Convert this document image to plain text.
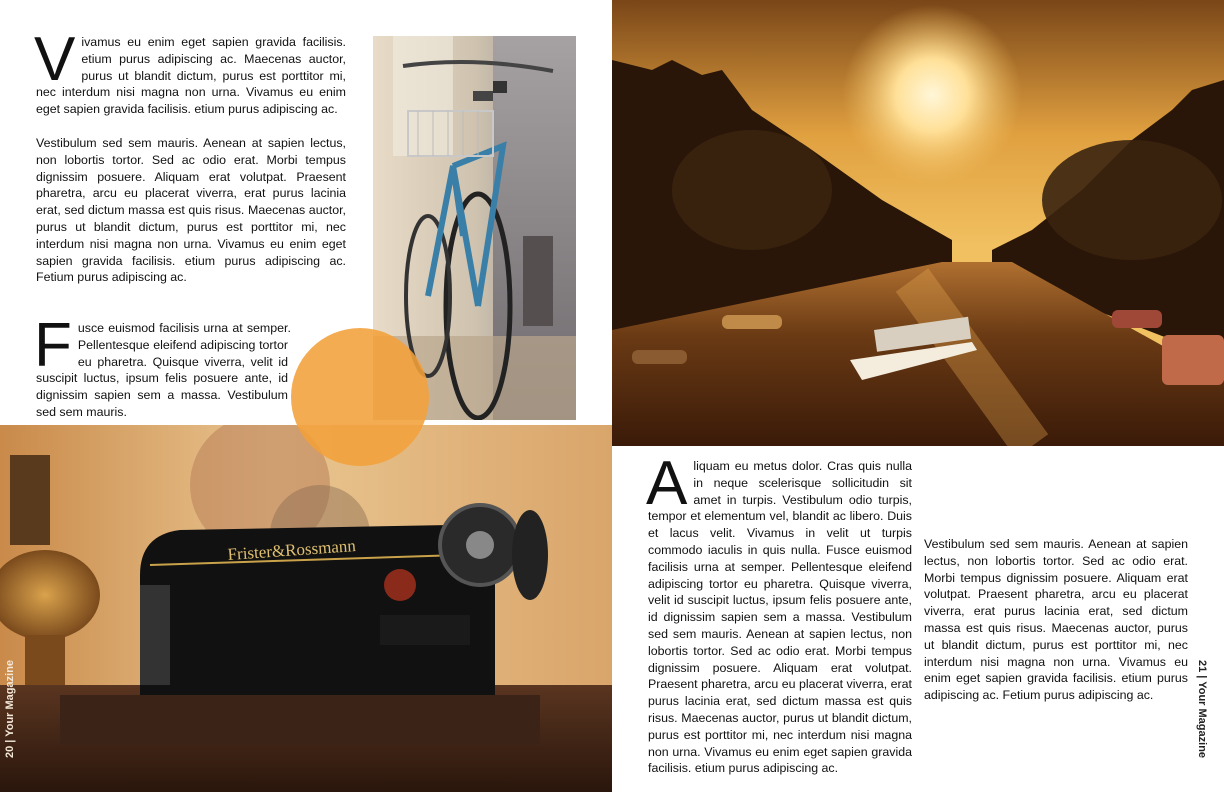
Vivamus eu enim eget sapien gravida facilisis. etium purus adipiscing ac. Maecenas auctor, purus ut blandit dictum, purus est porttitor mi, nec interdum nisi magna non urna. Vivamus eu enim eget sapien gravida facilisis. etium purus adipiscing ac.

Vestibulum sed sem mauris. Aenean at sapien lectus, non lobortis tortor. Sed ac odio erat. Morbi tempus dignissim posuere. Aliquam erat volutpat. Praesent pharetra, arcu eu placerat viverra, erat purus lacinia erat, sed dictum massa est quis risus. Maecenas auctor, purus ut blandit dictum, purus est porttitor mi, nec interdum nisi magna non urna. Vivamus eu enim eget sapien gravida facilisis. etium purus adipiscing ac. Fetium purus adipiscing ac.

Fusce euismod facilisis urna at semper. Pellentesque eleifend adipiscing tortor eu pharetra. Quisque viverra, velit id suscipit luctus, ipsum felis posuere ante, id dignissim sapien sem a massa. Vestibulum sed sem mauris.

Frister&Rossmann
20 | Your Magazine

Aliquam eu metus dolor. Cras quis nulla in neque scelerisque sollicitudin sit amet in turpis. Vestibulum odio turpis, tempor et elementum vel, blandit ac libero. Duis et lacus velit. Vivamus in velit ut turpis commodo iaculis in quis nulla. Fusce euismod facilisis urna at semper. Pellentesque eleifend adipiscing tortor eu pharetra. Quisque viverra, velit id suscipit luctus, ipsum felis posuere ante, id dignissim sapien sem a massa. Vestibulum sed sem mauris. Aenean at sapien lectus, non lobortis tortor. Sed ac odio erat. Morbi tempus dignissim posuere. Aliquam erat volutpat. Praesent pharetra, arcu eu placerat viverra, erat purus lacinia erat, sed dictum massa est quis risus. Maecenas auctor, purus ut blandit dictum, purus est porttitor mi, nec interdum nisi magna non urna. Vivamus eu enim eget sapien gravida facilisis. etium purus adipiscing ac.

Vestibulum sed sem mauris. Aenean at sapien lectus, non lobortis tortor. Sed ac odio erat. Morbi tempus dignissim posuere. Aliquam erat volutpat. Praesent pharetra, arcu eu placerat viverra, erat purus lacinia erat, sed dictum massa est quis risus. Maecenas auctor, purus ut blandit dictum, purus est porttitor mi, nec interdum nisi magna non urna. Vivamus eu enim eget sapien gravida facilisis. etium purus adipiscing ac. Fetium purus adipiscing ac.	21 | Your Magazine
